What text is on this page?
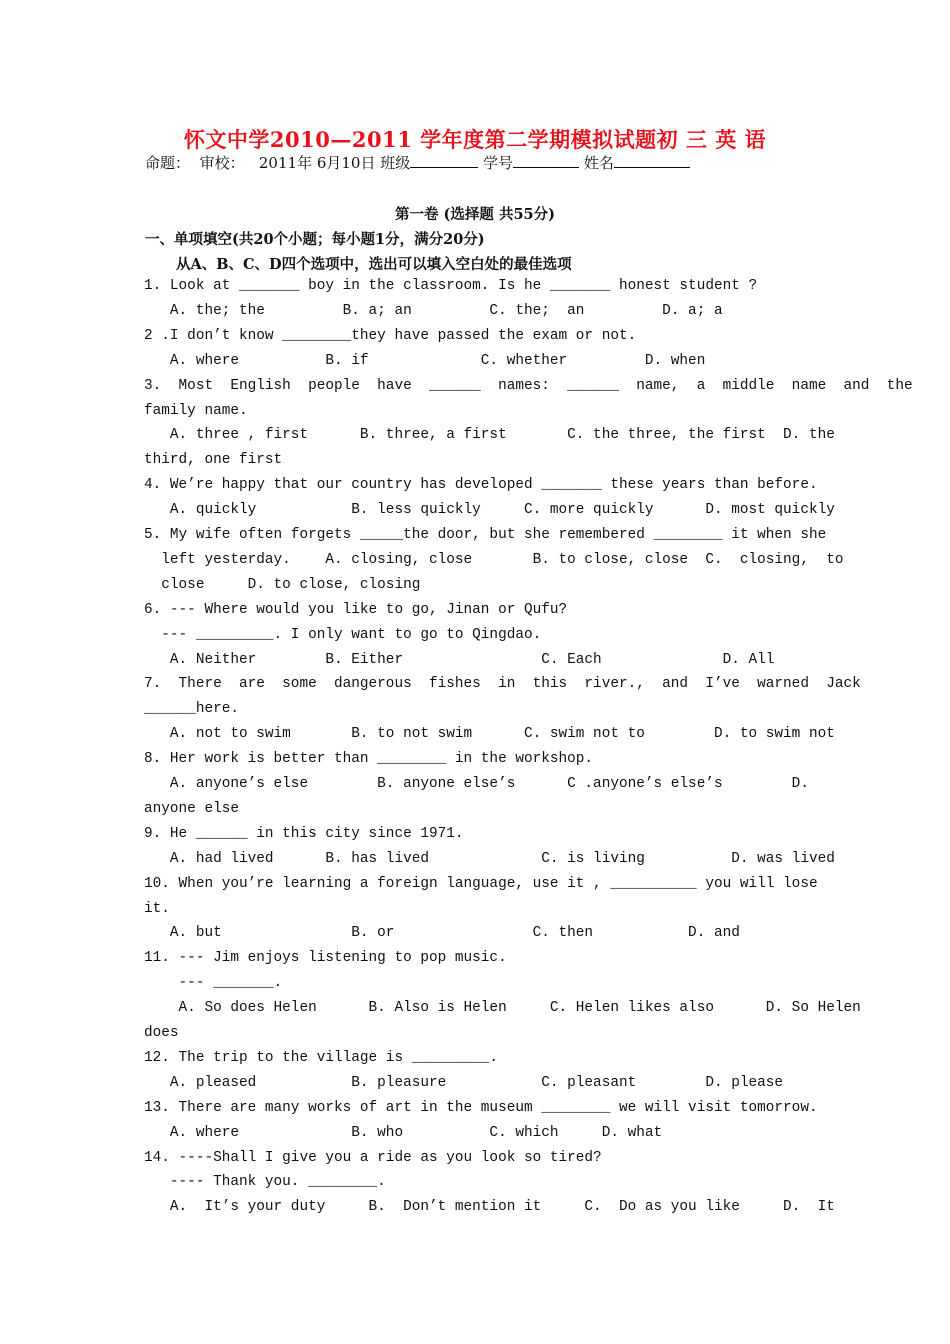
怀文中学2010—2011 学年度第二学期模拟试题初 三 英 语
命题： 审校： 2011年 6月10日 班级	学号	姓名
第一卷 (选择题 共55分)
一、单项填空(共20个小题；每小题1分，满分20分)
从A、B、C、D四个选项中，选出可以填入空白处的最佳选项
1. Look at _______ boy in the classroom. Is he _______ honest student ?
A. the; the         B. a; an         C. the;  an         D. a; a
2 .I don’t know ________they have passed the exam or not.
A. where          B. if             C. whether         D. when
3.  Most  English  people  have  ______  names:  ______  name,  a  middle  name  and  the
family name.
A. three , first      B. three, a first       C. the three, the first  D. the
third, one first
4. We’re happy that our country has developed _______ these years than before.
A. quickly           B. less quickly     C. more quickly      D. most quickly
5. My wife often forgets _____the door, but she remembered ________ it when she
left yesterday.    A. closing, close       B. to close, close  C.  closing,  to
close     D. to close, closing
6. --- Where would you like to go, Jinan or Qufu?
--- _________. I only want to go to Qingdao.
A. Neither        B. Either                C. Each              D. All
7.  There  are  some  dangerous  fishes  in  this  river.,  and  I’ve  warned  Jack
______here.
A. not to swim       B. to not swim      C. swim not to        D. to swim not
8. Her work is better than ________ in the workshop.
A. anyone’s else        B. anyone else’s      C .anyone’s else’s        D.
anyone else
9. He ______ in this city since 1971.
A. had lived      B. has lived             C. is living          D. was lived
10. When you’re learning a foreign language, use it , __________ you will lose
it.
A. but               B. or                C. then           D. and
11. --- Jim enjoys listening to pop music.
--- _______.
A. So does Helen      B. Also is Helen     C. Helen likes also      D. So Helen
does
12. The trip to the village is _________.
A. pleased           B. pleasure           C. pleasant        D. please
13. There are many works of art in the museum ________ we will visit tomorrow.
A. where             B. who          C. which     D. what
14. ----Shall I give you a ride as you look so tired?
---- Thank you. ________.
A.  It’s your duty     B.  Don’t mention it     C.  Do as you like     D.  It
